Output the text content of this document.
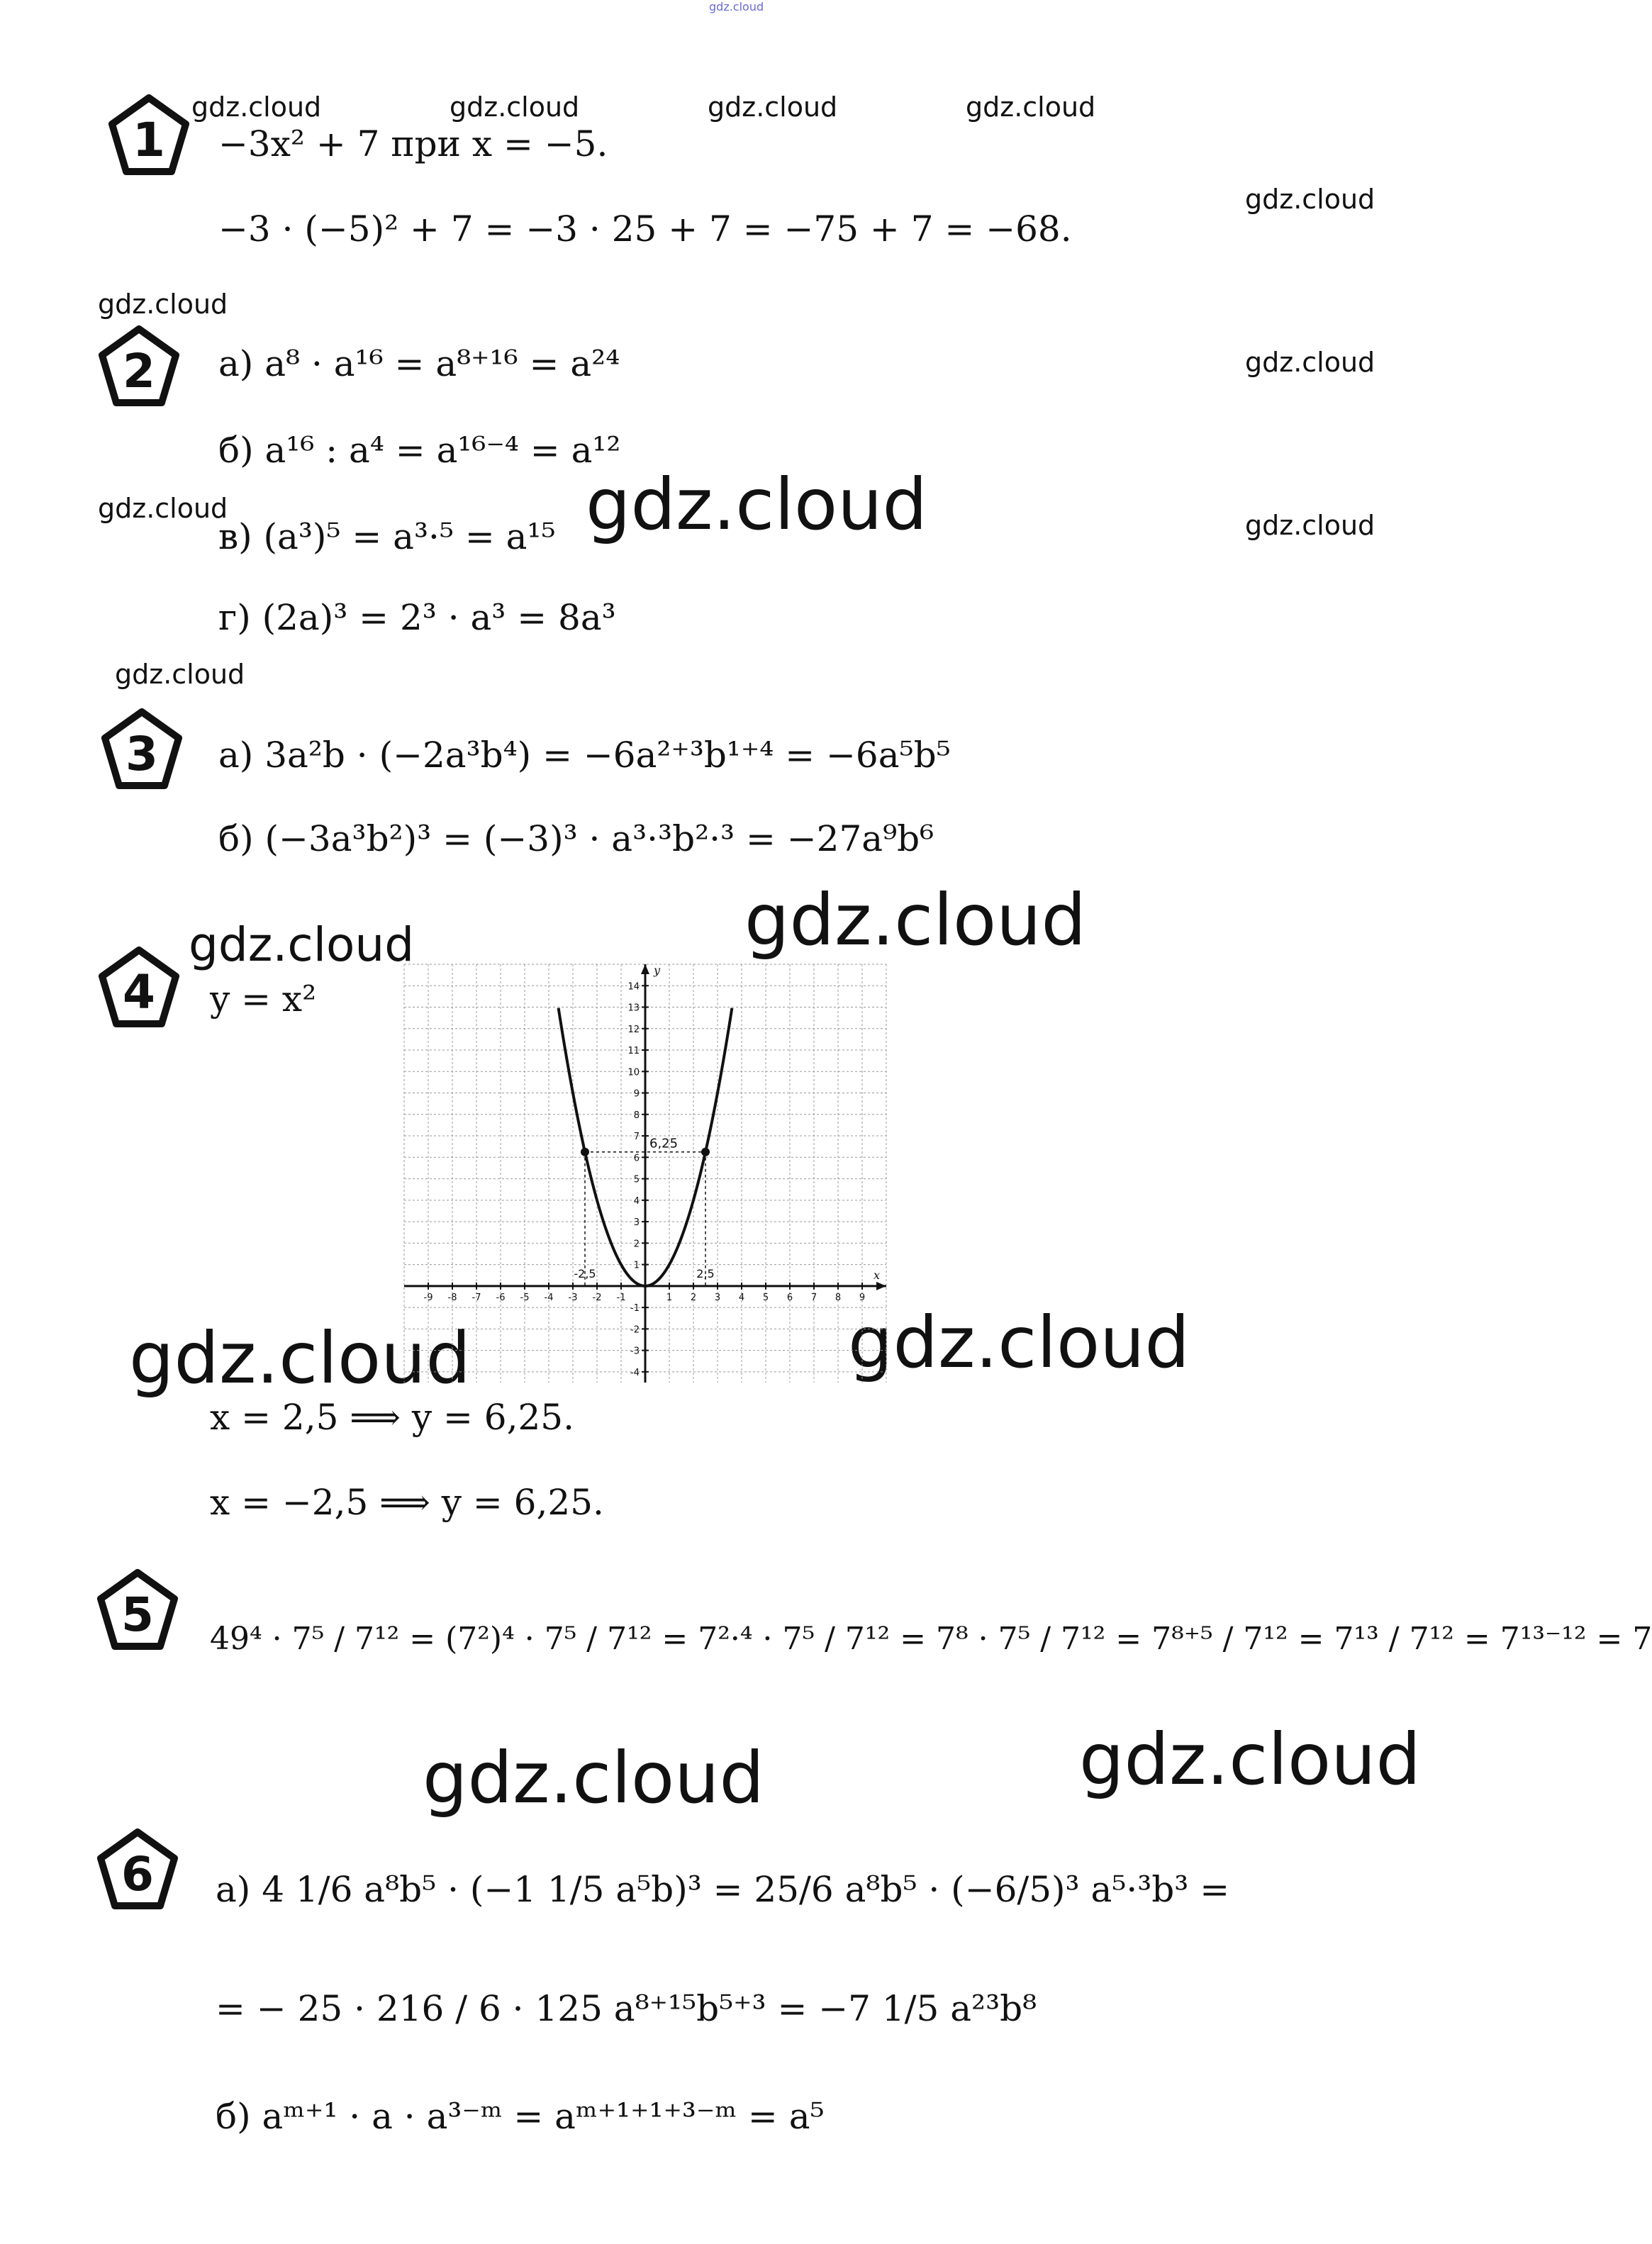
gdz.cloud
gdz.cloud	gdz.cloud	gdz.cloud	gdz.cloud
gdz.cloud
gdz.cloud
gdz.cloud
gdz.cloud
gdz.cloud
gdz.cloud
gdz.cloud
gdz.cloud	gdz.cloud
gdz.cloud	gdz.cloud
gdz.cloud	gdz.cloud
1
2
3
4
5
6
−3x² + 7 при x = −5.
−3 · (−5)² + 7 = −3 · 25 + 7 = −75 + 7 = −68.
а) a⁸ · a¹⁶ = a⁸⁺¹⁶ = a²⁴
б) a¹⁶ : a⁴ = a¹⁶⁻⁴ = a¹²
в) (a³)⁵ = a³·⁵ = a¹⁵
г) (2a)³ = 2³ · a³ = 8a³
а) 3a²b · (−2a³b⁴) = −6a²⁺³b¹⁺⁴ = −6a⁵b⁵
б) (−3a³b²)³ = (−3)³ · a³·³b²·³ = −27a⁹b⁶
y = x²
x
y
-9 -8 -7 -6 -5 -4 -3 -2 -1	1 2 3 4 5 6 7 8 9
14
13
12
11
10
9
8
7
6
5
4
3
2
1
-1
-2
-3
-4
6,25
-2,5	2,5
x = 2,5 ⟹ y = 6,25.
x = −2,5 ⟹ y = 6,25.
49⁴ · 7⁵ / 7¹² = (7²)⁴ · 7⁵ / 7¹² = 7²·⁴ · 7⁵ / 7¹² = 7⁸ · 7⁵ / 7¹² = 7⁸⁺⁵ / 7¹² = 7¹³ / 7¹² = 7¹³⁻¹² = 7
а) 4 1/6 a⁸b⁵ · (−1 1/5 a⁵b)³ = 25/6 a⁸b⁵ · (−6/5)³ a⁵·³b³ =
= − 25 · 216 / 6 · 125 a⁸⁺¹⁵b⁵⁺³ = −7 1/5 a²³b⁸
б) aᵐ⁺¹ · a · a³⁻ᵐ = aᵐ⁺¹⁺¹⁺³⁻ᵐ = a⁵
